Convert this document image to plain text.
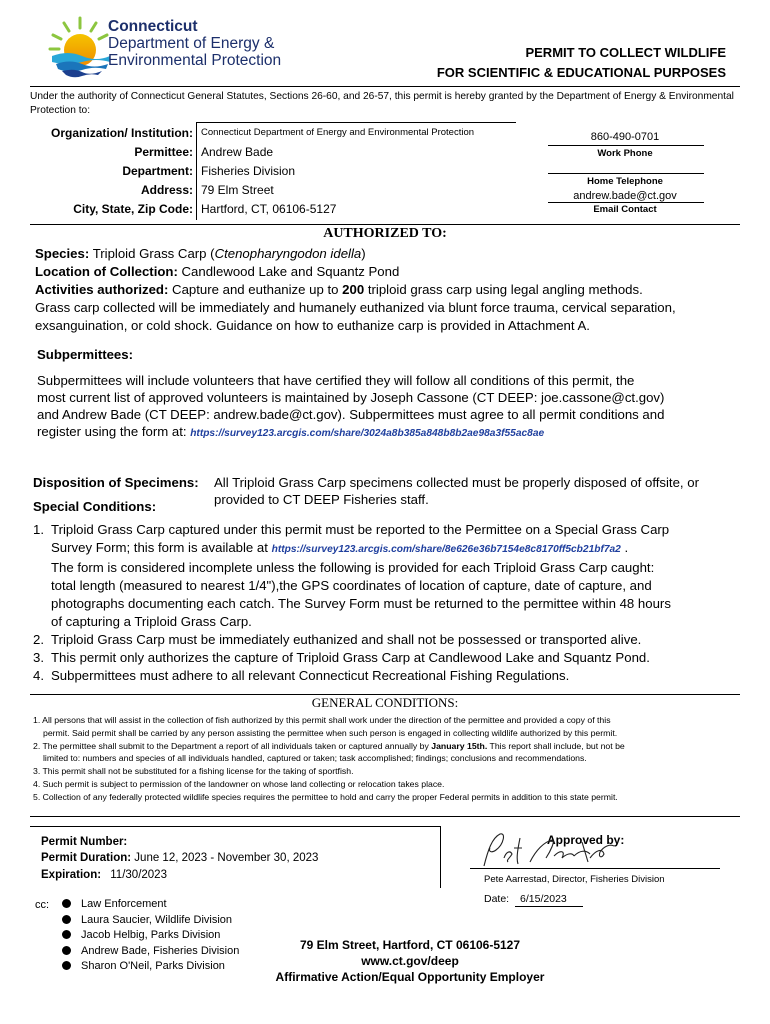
Connecticut
Department of Energy &
Environmental Protection	PERMIT TO COLLECT WILDLIFE
FOR SCIENTIFIC & EDUCATIONAL PURPOSES
Under the authority of Connecticut General Statutes, Sections 26-60, and 26-57, this permit is hereby granted by the Department of Energy & Environmental Protection to:
Organization/ Institution: Connecticut Department of Energy and Environmental Protection
Permittee: Andrew Bade
Department: Fisheries Division
Address: 79 Elm Street
City, State, Zip Code: Hartford, CT, 06106-5127
860-490-0701
Work Phone
Home Telephone
andrew.bade@ct.gov
Email Contact
AUTHORIZED TO:
Species: Triploid Grass Carp (Ctenopharyngodon idella)
Location of Collection: Candlewood Lake and Squantz Pond
Activities authorized: Capture and euthanize up to 200 triploid grass carp using legal angling methods.
Grass carp collected will be immediately and humanely euthanized via blunt force trauma, cervical separation,
exsanguination, or cold shock. Guidance on how to euthanize carp is provided in Attachment A.
Subpermittees:
Subpermittees will include volunteers that have certified they will follow all conditions of this permit, the
most current list of approved volunteers is maintained by Joseph Cassone (CT DEEP: joe.cassone@ct.gov)
and Andrew Bade (CT DEEP: andrew.bade@ct.gov). Subpermittees must agree to all permit conditions and
register using the form at: https://survey123.arcgis.com/share/3024a8b385a848b8b2ae98a3f55ac8ae
Disposition of Specimens: All Triploid Grass Carp specimens collected must be properly disposed of offsite, or
provided to CT DEEP Fisheries staff.
Special Conditions:
1. Triploid Grass Carp captured under this permit must be reported to the Permittee on a Special Grass Carp
Survey Form; this form is available at https://survey123.arcgis.com/share/8e626e36b7154e8c8170ff5cb21bf7a2 .
The form is considered incomplete unless the following is provided for each Triploid Grass Carp caught:
total length (measured to nearest 1/4"),the GPS coordinates of location of capture, date of capture, and
photographs documenting each catch. The Survey Form must be returned to the permittee within 48 hours
of capturing a Triploid Grass Carp.
2. Triploid Grass Carp must be immediately euthanized and shall not be possessed or transported alive.
3. This permit only authorizes the capture of Triploid Grass Carp at Candlewood Lake and Squantz Pond.
4. Subpermittees must adhere to all relevant Connecticut Recreational Fishing Regulations.
GENERAL CONDITIONS:
1. All persons that will assist in the collection of fish authorized by this permit shall work under the direction of the permittee and provided a copy of this
permit. Said permit shall be carried by any person assisting the permittee when such person is engaged in collecting wildlife authorized by this permit.
2. The permittee shall submit to the Department a report of all individuals taken or captured annually by January 15th. This report shall include, but not be
limited to: numbers and species of all individuals handled, captured or taken; task accomplished; findings; conclusions and recommendations.
3. This permit shall not be substituted for a fishing license for the taking of sportfish.
4. Such permit is subject to permission of the landowner on whose land collecting or relocation takes place.
5. Collection of any federally protected wildlife species requires the permittee to hold and carry the proper Federal permits in addition to this state permit.
Permit Number:
Permit Duration: June 12, 2023 - November 30, 2023
Expiration: 11/30/2023
cc:	Law Enforcement
Laura Saucier, Wildlife Division
Jacob Helbig, Parks Division
Andrew Bade, Fisheries Division
Sharon O'Neil, Parks Division
Approved by:
Pete Aarrestad, Director, Fisheries Division
Date: 6/15/2023
79 Elm Street, Hartford, CT 06106-5127
www.ct.gov/deep
Affirmative Action/Equal Opportunity Employer
